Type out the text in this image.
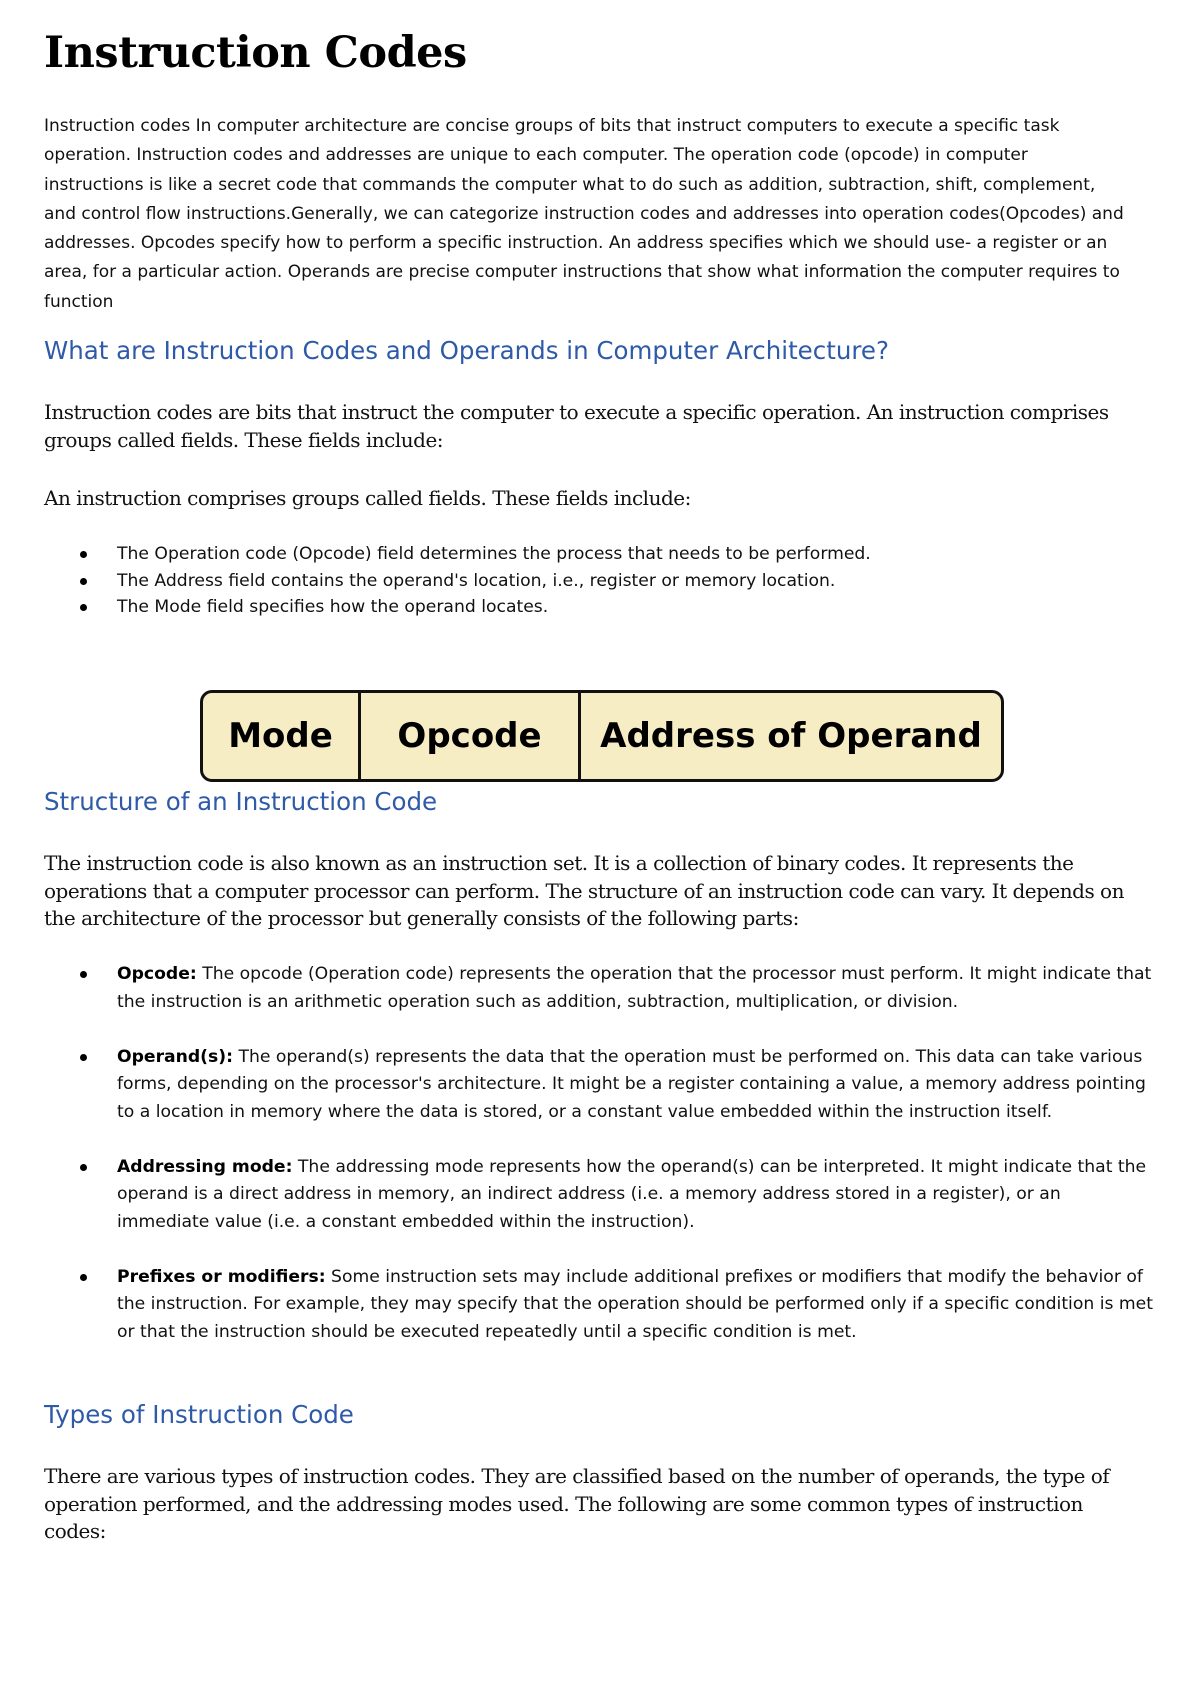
Instruction Codes

Instruction codes In computer architecture are concise groups of bits that instruct computers to execute a specific task operation. Instruction codes and addresses are unique to each computer. The operation code (opcode) in computer instructions is like a secret code that commands the computer what to do such as addition, subtraction, shift, complement, and control flow instructions.Generally, we can categorize instruction codes and addresses into operation codes(Opcodes) and addresses. Opcodes specify how to perform a specific instruction. An address specifies which we should use- a register or an area, for a particular action. Operands are precise computer instructions that show what information the computer requires to function

What are Instruction Codes and Operands in Computer Architecture?

Instruction codes are bits that instruct the computer to execute a specific operation. An instruction comprises groups called fields. These fields include:

An instruction comprises groups called fields. These fields include:

The Operation code (Opcode) field determines the process that needs to be performed.
The Address field contains the operand's location, i.e., register or memory location.
The Mode field specifies how the operand locates.
Mode	Opcode	Address of Operand
Structure of an Instruction Code

The instruction code is also known as an instruction set. It is a collection of binary codes. It represents the operations that a computer processor can perform. The structure of an instruction code can vary. It depends on the architecture of the processor but generally consists of the following parts:

Opcode: The opcode (Operation code) represents the operation that the processor must perform. It might indicate that the instruction is an arithmetic operation such as addition, subtraction, multiplication, or division.
Operand(s): The operand(s) represents the data that the operation must be performed on. This data can take various forms, depending on the processor's architecture. It might be a register containing a value, a memory address pointing to a location in memory where the data is stored, or a constant value embedded within the instruction itself.
Addressing mode: The addressing mode represents how the operand(s) can be interpreted. It might indicate that the operand is a direct address in memory, an indirect address (i.e. a memory address stored in a register), or an immediate value (i.e. a constant embedded within the instruction).
Prefixes or modifiers: Some instruction sets may include additional prefixes or modifiers that modify the behavior of the instruction. For example, they may specify that the operation should be performed only if a specific condition is met or that the instruction should be executed repeatedly until a specific condition is met.
Types of Instruction Code

There are various types of instruction codes. They are classified based on the number of operands, the type of operation performed, and the addressing modes used. The following are some common types of instruction codes:
